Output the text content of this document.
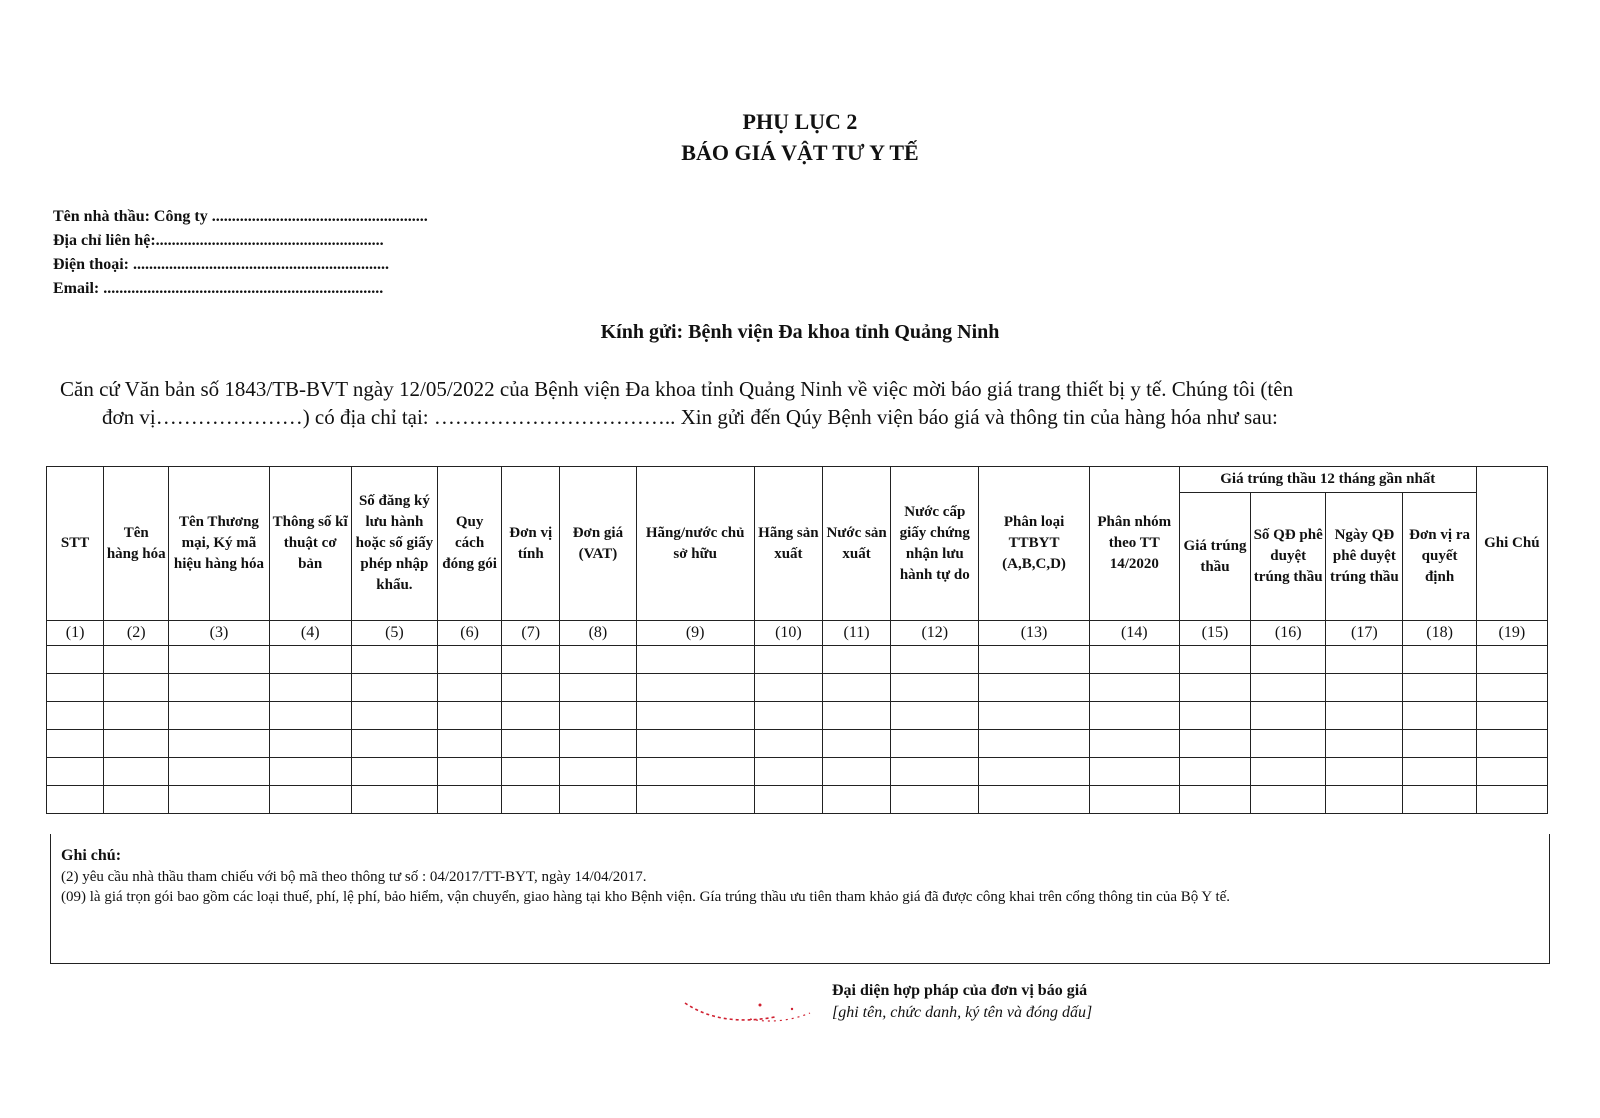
PHỤ LỤC 2
BÁO GIÁ VẬT TƯ Y TẾ
Tên nhà thầu: Công ty ......................................................
Địa chỉ liên hệ:.........................................................
Điện thoại: ................................................................
Email: ......................................................................
Kính gửi: Bệnh viện Đa khoa tỉnh Quảng Ninh
Căn cứ Văn bản số 1843/TB-BVT ngày 12/05/2022 của Bệnh viện Đa khoa tỉnh Quảng Ninh về việc mời báo giá trang thiết bị y tế. Chúng tôi (tên
đơn vị…………………) có địa chỉ tại: …………………………….. Xin gửi đến Qúy Bệnh viện báo giá và thông tin của hàng hóa như sau:
STT	Tên hàng hóa	Tên Thương mại, Ký mã hiệu hàng hóa	Thông số kĩ thuật cơ bản	Số đăng ký lưu hành hoặc số giấy phép nhập khẩu.	Quy cách đóng gói	Đơn vị tính	Đơn giá (VAT)	Hãng/nước chủ sở hữu	Hãng sản xuất	Nước sản xuất	Nước cấp giấy chứng nhận lưu hành tự do	Phân loại TTBYT (A,B,C,D)	Phân nhóm theo TT 14/2020	Giá trúng thầu 12 tháng gần nhất				Ghi Chú
														Giá trúng thầu	Số QĐ phê duyệt trúng thầu	Ngày QĐ phê duyệt trúng thầu	Đơn vị ra quyết định	
(1)	(2)	(3)	(4)	(5)	(6)	(7)	(8)	(9)	(10)	(11)	(12)	(13)	(14)	(15)	(16)	(17)	(18)	(19)

Ghi chú:
(2) yêu cầu nhà thầu tham chiếu với bộ mã theo thông tư số : 04/2017/TT-BYT, ngày 14/04/2017.
(09) là giá trọn gói bao gồm các loại thuế, phí, lệ phí, bảo hiểm, vận chuyển, giao hàng tại kho Bệnh viện. Gía trúng thầu ưu tiên tham khảo giá đã được công khai trên cổng thông tin của Bộ Y tế.
Đại diện hợp pháp của đơn vị báo giá
[ghi tên, chức danh, ký tên và đóng dấu]
